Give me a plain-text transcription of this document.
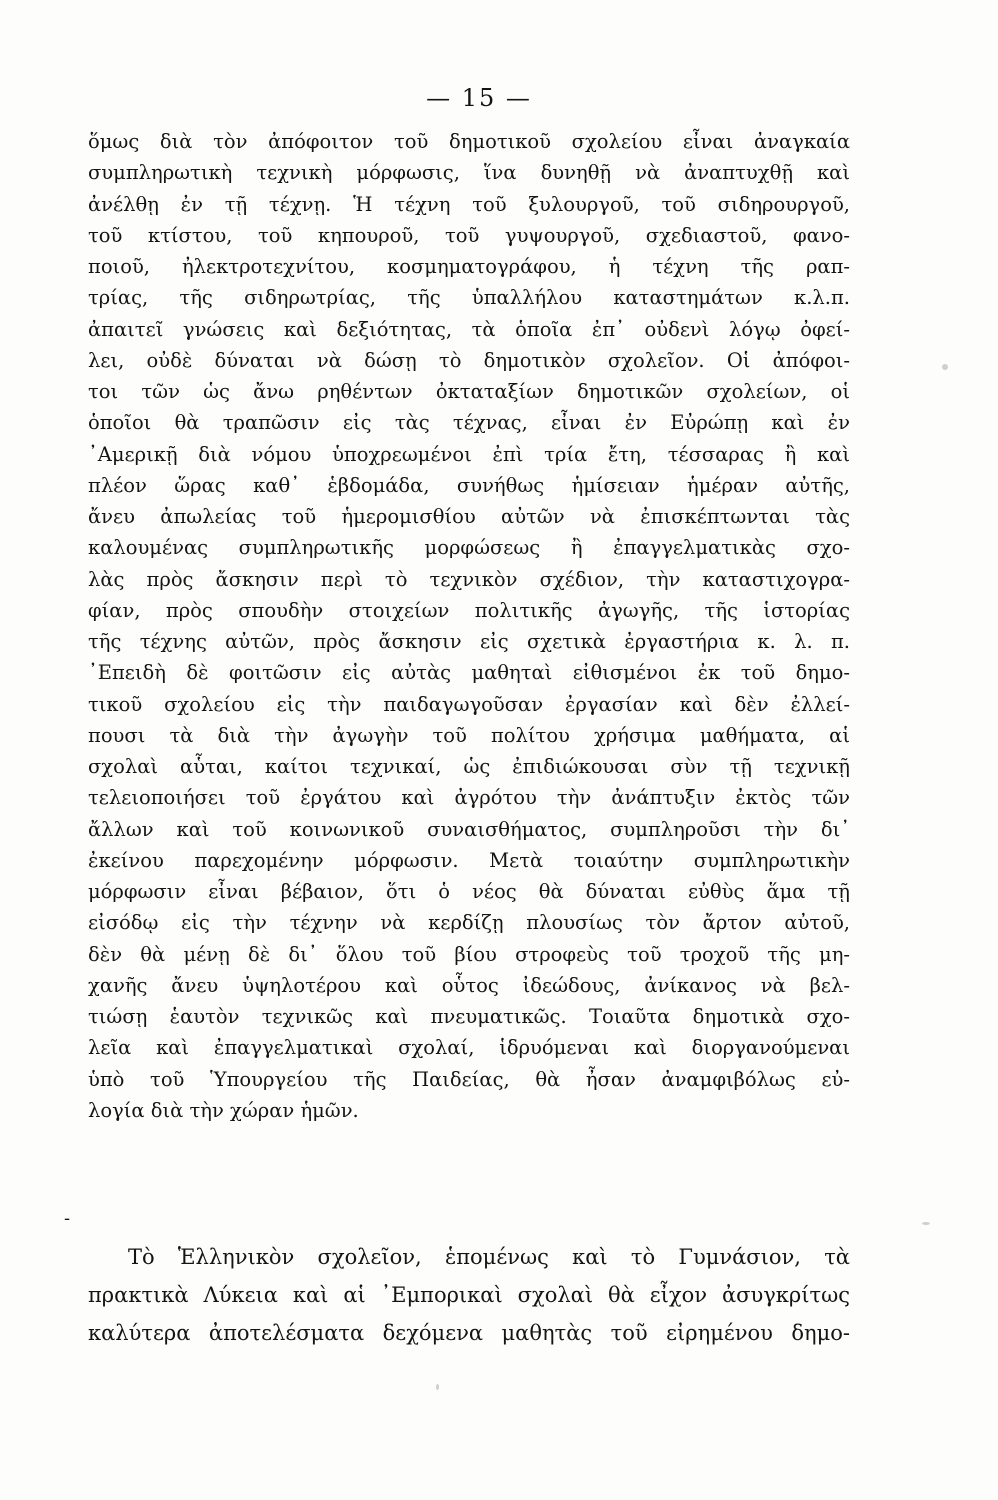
— 15 —
ὅμως διὰ τὸν ἀπόφοιτον τοῦ δημοτικοῦ σχολείου εἶναι ἀναγκαία
συμπληρωτικὴ τεχνικὴ μόρφωσις, ἵνα δυνηθῇ νὰ ἀναπτυχθῇ καὶ
ἀνέλθῃ ἐν τῇ τέχνῃ. Ἡ τέχνη τοῦ ξυλουργοῦ, τοῦ σιδηρουργοῦ,
τοῦ κτίστου, τοῦ κηπουροῦ, τοῦ γυψουργοῦ, σχεδιαστοῦ, φανο-
ποιοῦ, ἠλεκτροτεχνίτου, κοσμηματογράφου, ἡ τέχνη τῆς ραπ-
τρίας, τῆς σιδηρωτρίας, τῆς ὑπαλλήλου καταστημάτων κ.λ.π.
ἀπαιτεῖ γνώσεις καὶ δεξιότητας, τὰ ὁποῖα ἐπ᾽ οὐδενὶ λόγῳ ὀφεί-
λει, οὐδὲ δύναται νὰ δώσῃ τὸ δημοτικὸν σχολεῖον. Οἱ ἀπόφοι-
τοι τῶν ὡς ἄνω ρηθέντων ὀκταταξίων δημοτικῶν σχολείων, οἱ
ὁποῖοι θὰ τραπῶσιν εἰς τὰς τέχνας, εἶναι ἐν Εὐρώπῃ καὶ ἐν
᾽Αμερικῇ διὰ νόμου ὑποχρεωμένοι ἐπὶ τρία ἔτη, τέσσαρας ἢ καὶ
πλέον ὥρας καθ᾽ ἑβδομάδα, συνήθως ἡμίσειαν ἡμέραν αὐτῆς,
ἄνευ ἀπωλείας τοῦ ἡμερομισθίου αὐτῶν νὰ ἐπισκέπτωνται τὰς
καλουμένας συμπληρωτικῆς μορφώσεως ἢ ἐπαγγελματικὰς σχο-
λὰς πρὸς ἄσκησιν περὶ τὸ τεχνικὸν σχέδιον, τὴν καταστιχογρα-
φίαν, πρὸς σπουδὴν στοιχείων πολιτικῆς ἀγωγῆς, τῆς ἱστορίας
τῆς τέχνης αὐτῶν, πρὸς ἄσκησιν εἰς σχετικὰ ἐργαστήρια κ. λ. π.
᾽Επειδὴ δὲ φοιτῶσιν εἰς αὐτὰς μαθηταὶ εἰθισμένοι ἐκ τοῦ δημο-
τικοῦ σχολείου εἰς τὴν παιδαγωγοῦσαν ἐργασίαν καὶ δὲν ἐλλεί-
πουσι τὰ διὰ τὴν ἀγωγὴν τοῦ πολίτου χρήσιμα μαθήματα, αἱ
σχολαὶ αὗται, καίτοι τεχνικαί, ὡς ἐπιδιώκουσαι σὺν τῇ τεχνικῇ
τελειοποιήσει τοῦ ἐργάτου καὶ ἀγρότου τὴν ἀνάπτυξιν ἐκτὸς τῶν
ἄλλων καὶ τοῦ κοινωνικοῦ συναισθήματος, συμπληροῦσι τὴν δι᾽
ἐκείνου παρεχομένην μόρφωσιν. Μετὰ τοιαύτην συμπληρωτικὴν
μόρφωσιν εἶναι βέβαιον, ὅτι ὁ νέος θὰ δύναται εὐθὺς ἅμα τῇ
εἰσόδῳ εἰς τὴν τέχνην νὰ κερδίζῃ πλουσίως τὸν ἄρτον αὐτοῦ,
δὲν θὰ μένῃ δὲ δι᾽ ὅλου τοῦ βίου στροφεὺς τοῦ τροχοῦ τῆς μη-
χανῆς ἄνευ ὑψηλοτέρου καὶ οὗτος ἰδεώδους, ἀνίκανος νὰ βελ-
τιώσῃ ἑαυτὸν τεχνικῶς καὶ πνευματικῶς. Τοιαῦτα δημοτικὰ σχο-
λεῖα καὶ ἐπαγγελματικαὶ σχολαί, ἱδρυόμεναι καὶ διοργανούμεναι
ὑπὸ τοῦ Ὑπουργείου τῆς Παιδείας, θὰ ἦσαν ἀναμφιβόλως εὐ-
λογία διὰ τὴν χώραν ἡμῶν.
-
Τὸ Ἑλληνικὸν σχολεῖον, ἑπομένως καὶ τὸ Γυμνάσιον, τὰ
πρακτικὰ Λύκεια καὶ αἱ ᾽Εμπορικαὶ σχολαὶ θὰ εἶχον ἀσυγκρίτως
καλύτερα ἀποτελέσματα δεχόμενα μαθητὰς τοῦ εἰρημένου δημο-
